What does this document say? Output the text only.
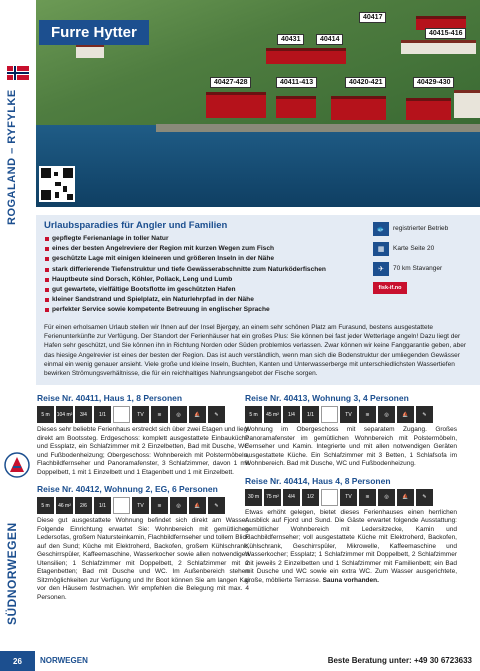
ROGALAND – RYFYLKE
SÜDNORWEGEN
Furre Hytter
40417
40431	40414
40415-416
40427-428	40411-413	40420-421	40429-430
Urlaubsparadies für Angler und Familien
gepflegte Ferienanlage in toller Natur
eines der besten Angelreviere der Region mit kurzen Wegen zum Fisch
geschützte Lage mit einigen kleineren und größeren Inseln in der Nähe
stark differierende Tiefenstruktur und tiefe Gewässerabschnitte zum Naturköderfischen
Hauptbeute sind Dorsch, Köhler, Pollack, Leng und Lumb
gut gewartete, vielfältige Bootsflotte im geschützten Hafen
kleiner Sandstrand und Spielplatz, ein Naturlehrpfad in der Nähe
perfekter Service sowie kompetente Betreuung in englischer Sprache
🐟	registrierter Betrieb
▦	Karte Seite 20
✈	70 km Stavanger
fisk-if.no
Für einen erholsamen Urlaub stellen wir Ihnen auf der Insel Bjergøy, an einem sehr schönen Platz am Furasund, bestens ausgestattete Ferienunterkünfte zur Verfügung. Der Standort der Ferienhäuser hat ein großes Plus: Sie können bei fast jeder Wetterlage angeln! Dazu liegt der Hafen sehr geschützt, und Sie können ihn in Richtung Norden oder Süden problemlos verlassen. Zwar können wir keine Fanggarantie geben, aber das hiesige Angelrevier ist eines der besten der Region. Das ist auch verständlich, wenn man sich die Bodenstruktur der umliegenden Gewässer einmal ein wenig genauer ansieht. Viele große und kleine Inseln, Buchten, Kanten und Unterwasserberge mit unterschiedlichsten Wassertiefen bewirken Strömungsverhältnisse, die für ein reichhaltiges Nahrungsangebot der Fische sorgen.
Reise Nr. 40411, Haus 1, 8 Personen
5 m	104 m²	3/4	1/1	TV	≋	◎	⛵	✎
Dieses sehr beliebte Ferienhaus erstreckt sich über zwei Etagen und liegt direkt am Bootssteg. Erdgeschoss: komplett ausgestattete Einbauküche und Essplatz, ein Schlafzimmer mit 2 Einzelbetten, Bad mit Dusche, WC und Fußbodenheizung; Obergeschoss: Wohnbereich mit Polstermöbeln, Flachbildfernseher und Panoramafenster, 3 Schlafzimmer, davon 1 mit Doppelbett, 1 mit 1 Einzelbett und 1 Etagenbett und 1 mit Einzelbett.
Reise Nr. 40412, Wohnung 2, EG, 6 Personen
5 m	46 m²	2/6	1/1	TV	≋	◎	⛵	✎
Diese gut ausgestattete Wohnung befindet sich direkt am Wasser. Folgende Einrichtung erwartet Sie: Wohnbereich mit gemütlichen Ledersofas, großem Natursteinkamin, Flachbildfernseher und tollem Blick auf den Sund; Küche mit Elektroherd, Backofen, großem Kühlschrank, Geschirrspüler, Kaffeemaschine, Wasserkocher sowie allen notwendigen Utensilien; 1 Schlafzimmer mit Doppelbett, 2 Schlafzimmer mit 2 Etagenbetten; Bad mit Dusche und WC. Im Außenbereich stehen Sitzmöglichkeiten zur Verfügung und Ihr Boot können Sie am langen Kai vor den Häusern festmachen. Wir empfehlen die Belegung mit max. 4 Personen.
Reise Nr. 40413, Wohnung 3, 4 Personen
5 m	45 m²	1/4	1/1	TV	≋	◎	⛵	✎
Wohnung im Obergeschoss mit separatem Zugang. Großes Panoramafenster im gemütlichen Wohnbereich mit Polstermöbeln, Fernseher und Kamin. Integrierte und mit allen notwendigen Geräten ausgestattete Küche. Ein Schlafzimmer mit 3 Betten, 1 Schlafsofa im Wohnbereich. Bad mit Dusche, WC und Fußbodenheizung.
Reise Nr. 40414, Haus 4, 8 Personen
30 m	75 m²	4/4	1/2	TV	≋	◎	⛵	✎
Etwas erhöht gelegen, bietet dieses Ferienhauses einen herrlichen Ausblick auf Fjord und Sund. Die Gäste erwartet folgende Ausstattung: gemütlicher Wohnbereich mit Ledersitzecke, Kamin und Flachbildfernseher; voll ausgestattete Küche mit Elektroherd, Backofen, Kühlschrank, Geschirrspüler, Mikrowelle, Kaffeemaschine und Wasserkocher; Essplatz; 1 Schlafzimmer mit Doppelbett, 2 Schlafzimmer mit jeweils 2 Einzelbetten und 1 Schlafzimmer mit Familienbett; ein Bad mit Dusche und WC sowie ein extra WC. Zum Wasser ausgerichtete, große, möblierte Terrasse. Sauna vorhanden.
26	NORWEGEN	Beste Beratung unter: +49 30 6723633
